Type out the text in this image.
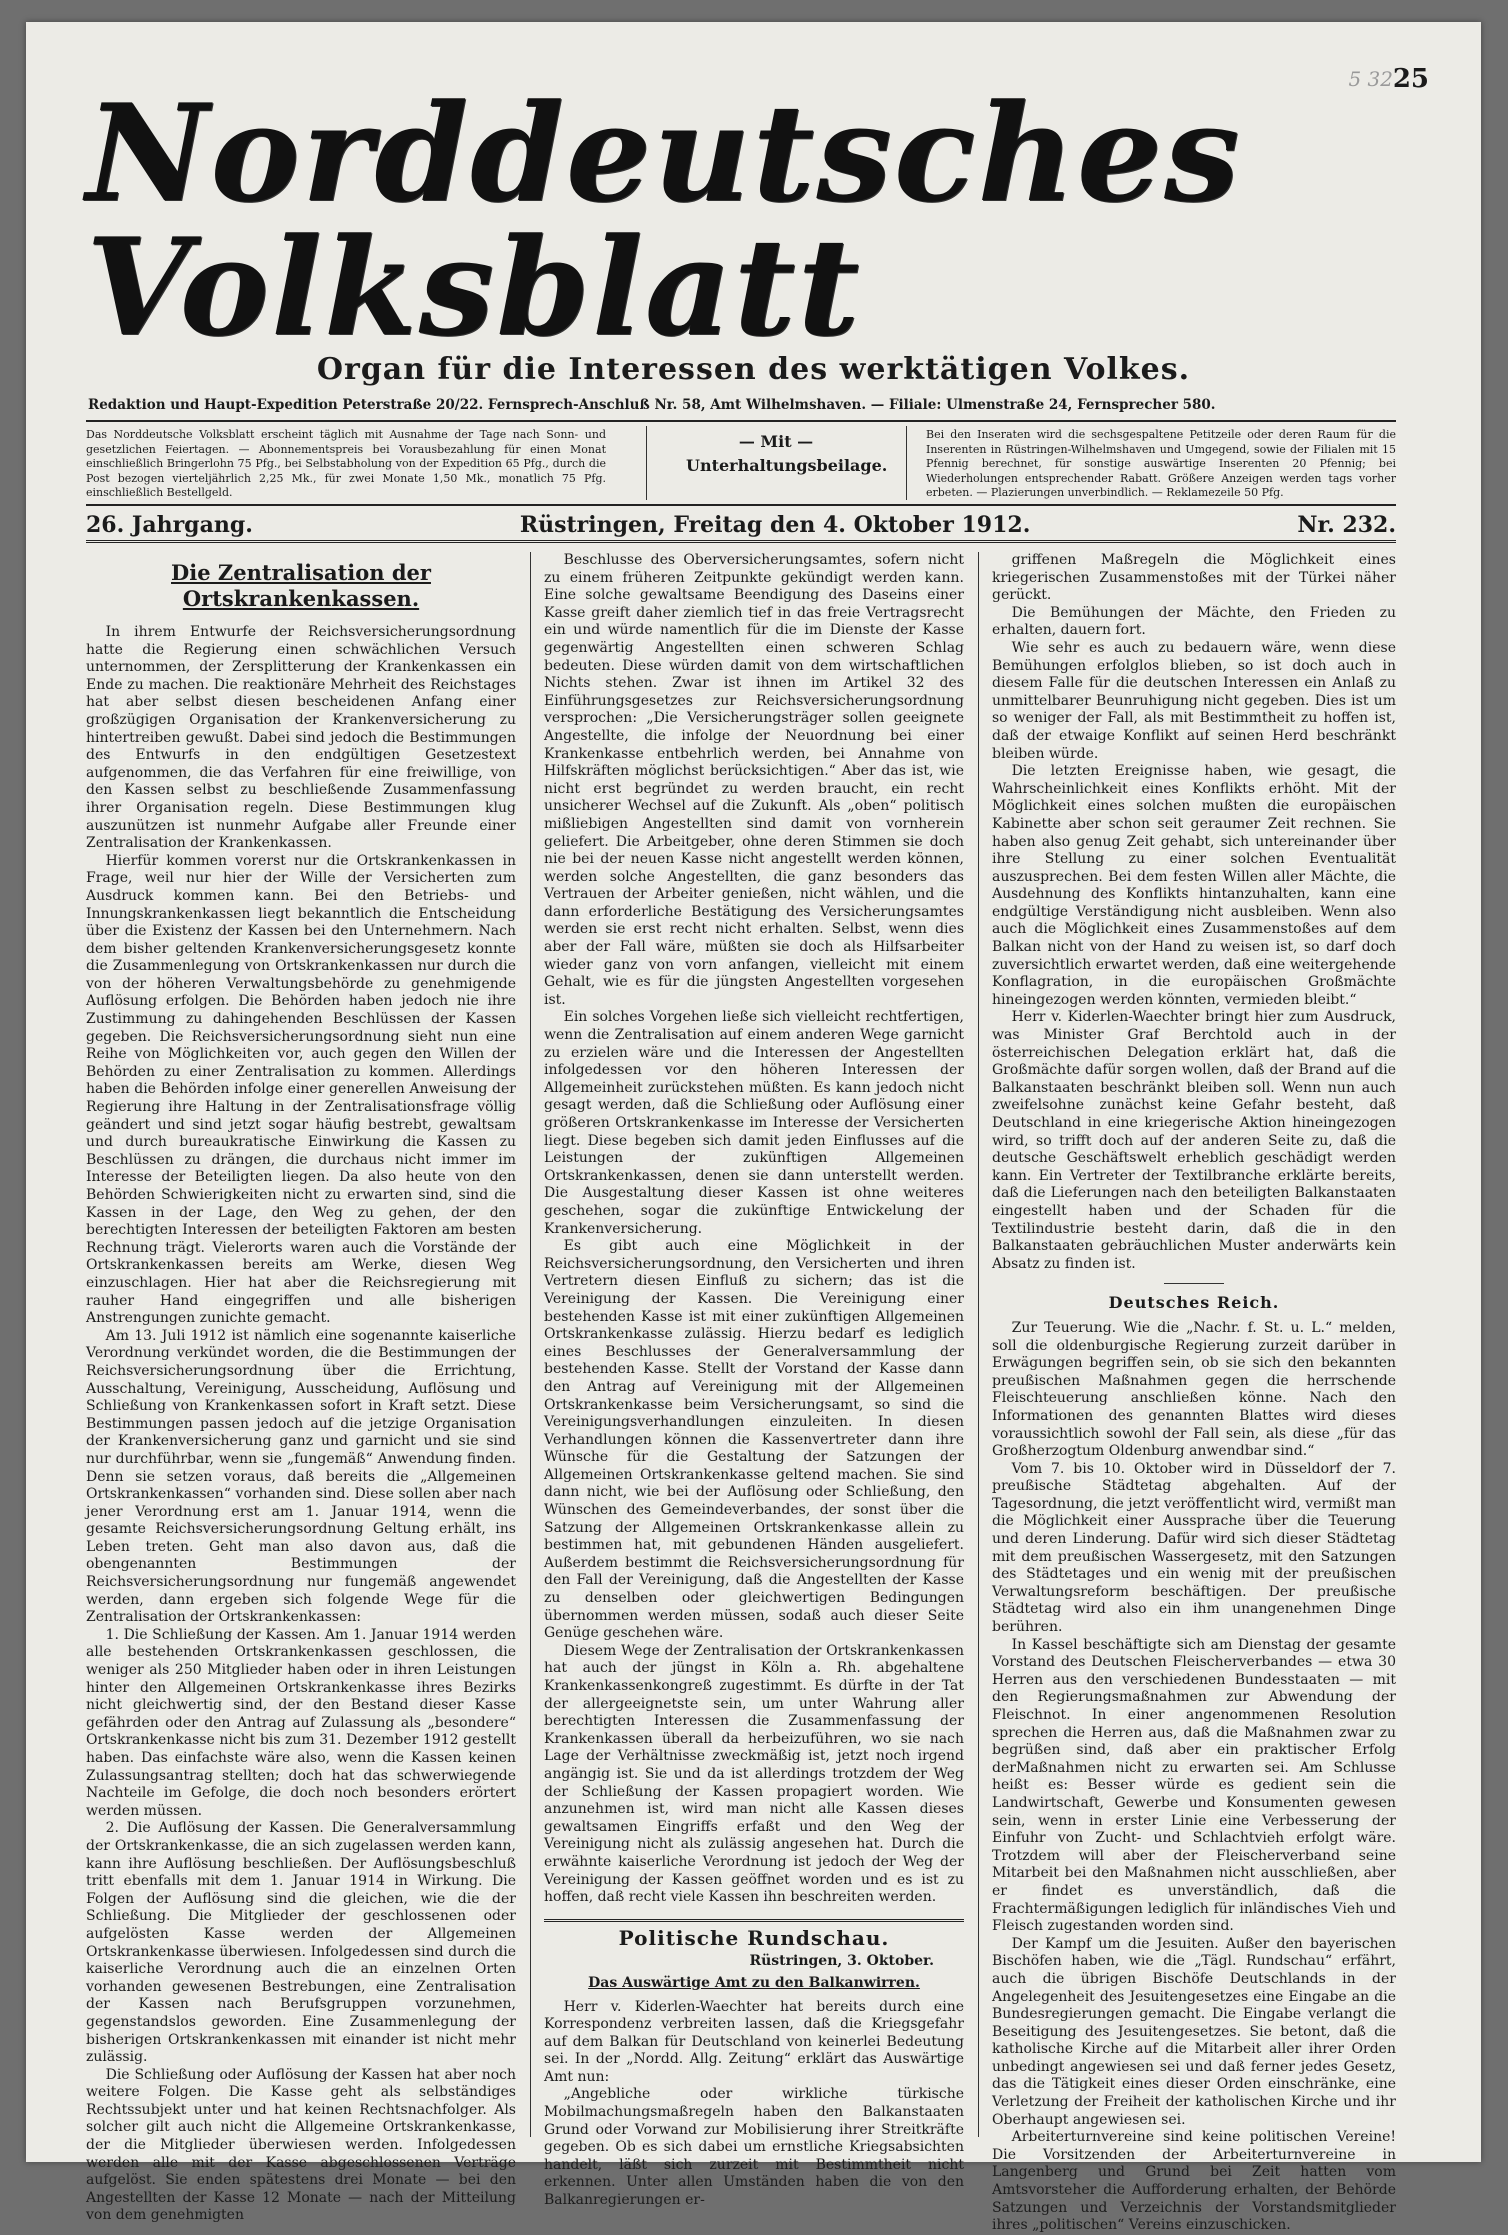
5 32 25
Norddeutsches Volksblatt
Organ für die Interessen des werktätigen Volkes.
Redaktion und Haupt-Expedition Peterstraße 20/22. Fernsprech-Anschluß Nr. 58, Amt Wilhelmshaven. — Filiale: Ulmenstraße 24, Fernsprecher 580.
Das Norddeutsche Volksblatt erscheint täglich mit Ausnahme der Tage nach Sonn- und gesetzlichen Feiertagen. — Abonnementspreis bei Vorausbezahlung für einen Monat einschließlich Bringerlohn 75 Pfg., bei Selbstabholung von der Expedition 65 Pfg., durch die Post bezogen vierteljährlich 2,25 Mk., für zwei Monate 1,50 Mk., monatlich 75 Pfg. einschließlich Bestellgeld.
— Mit —
Unterhaltungsbeilage.
Bei den Inseraten wird die sechsgespaltene Petitzeile oder deren Raum für die Inserenten in Rüstringen-Wilhelmshaven und Umgegend, sowie der Filialen mit 15 Pfennig berechnet, für sonstige auswärtige Inserenten 20 Pfennig; bei Wiederholungen entsprechender Rabatt. Größere Anzeigen werden tags vorher erbeten. — Plazierungen unverbindlich. — Reklamezeile 50 Pfg.
26. Jahrgang.	Rüstringen, Freitag den 4. Oktober 1912.	Nr. 232.
Die Zentralisation der Ortskrankenkassen.

In ihrem Entwurfe der Reichsversicherungsordnung hatte die Regierung einen schwächlichen Versuch unternommen, der Zersplitterung der Krankenkassen ein Ende zu machen. Die reaktionäre Mehrheit des Reichstages hat aber selbst diesen bescheidenen Anfang einer großzügigen Organisation der Krankenversicherung zu hintertreiben gewußt. Dabei sind jedoch die Bestimmungen des Entwurfs in den endgültigen Gesetzestext aufgenommen, die das Verfahren für eine freiwillige, von den Kassen selbst zu beschließende Zusammenfassung ihrer Organisation regeln. Diese Bestimmungen klug auszunützen ist nunmehr Aufgabe aller Freunde einer Zentralisation der Krankenkassen.

Hierfür kommen vorerst nur die Ortskrankenkassen in Frage, weil nur hier der Wille der Versicherten zum Ausdruck kommen kann. Bei den Betriebs- und Innungskrankenkassen liegt bekanntlich die Entscheidung über die Existenz der Kassen bei den Unternehmern. Nach dem bisher geltenden Krankenversicherungsgesetz konnte die Zusammenlegung von Ortskrankenkassen nur durch die von der höheren Verwaltungsbehörde zu genehmigende Auflösung erfolgen. Die Behörden haben jedoch nie ihre Zustimmung zu dahingehenden Beschlüssen der Kassen gegeben. Die Reichsversicherungsordnung sieht nun eine Reihe von Möglichkeiten vor, auch gegen den Willen der Behörden zu einer Zentralisation zu kommen. Allerdings haben die Behörden infolge einer generellen Anweisung der Regierung ihre Haltung in der Zentralisationsfrage völlig geändert und sind jetzt sogar häufig bestrebt, gewaltsam und durch bureaukratische Einwirkung die Kassen zu Beschlüssen zu drängen, die durchaus nicht immer im Interesse der Beteiligten liegen. Da also heute von den Behörden Schwierigkeiten nicht zu erwarten sind, sind die Kassen in der Lage, den Weg zu gehen, der den berechtigten Interessen der beteiligten Faktoren am besten Rechnung trägt. Vielerorts waren auch die Vorstände der Ortskrankenkassen bereits am Werke, diesen Weg einzuschlagen. Hier hat aber die Reichsregierung mit rauher Hand eingegriffen und alle bisherigen Anstrengungen zunichte gemacht.

Am 13. Juli 1912 ist nämlich eine sogenannte kaiserliche Verordnung verkündet worden, die die Bestimmungen der Reichsversicherungsordnung über die Errichtung, Ausschaltung, Vereinigung, Ausscheidung, Auflösung und Schließung von Krankenkassen sofort in Kraft setzt. Diese Bestimmungen passen jedoch auf die jetzige Organisation der Krankenversicherung ganz und garnicht und sie sind nur durchführbar, wenn sie „fungemäß“ Anwendung finden. Denn sie setzen voraus, daß bereits die „Allgemeinen Ortskrankenkassen“ vorhanden sind. Diese sollen aber nach jener Verordnung erst am 1. Januar 1914, wenn die gesamte Reichsversicherungsordnung Geltung erhält, ins Leben treten. Geht man also davon aus, daß die obengenannten Bestimmungen der Reichsversicherungsordnung nur fungemäß angewendet werden, dann ergeben sich folgende Wege für die Zentralisation der Ortskrankenkassen:

1. Die Schließung der Kassen. Am 1. Januar 1914 werden alle bestehenden Ortskrankenkassen geschlossen, die weniger als 250 Mitglieder haben oder in ihren Leistungen hinter den Allgemeinen Ortskrankenkasse ihres Bezirks nicht gleichwertig sind, der den Bestand dieser Kasse gefährden oder den Antrag auf Zulassung als „besondere“ Ortskrankenkasse nicht bis zum 31. Dezember 1912 gestellt haben. Das einfachste wäre also, wenn die Kassen keinen Zulassungsantrag stellten; doch hat das schwerwiegende Nachteile im Gefolge, die doch noch besonders erörtert werden müssen.

2. Die Auflösung der Kassen. Die Generalversammlung der Ortskrankenkasse, die an sich zugelassen werden kann, kann ihre Auflösung beschließen. Der Auflösungsbeschluß tritt ebenfalls mit dem 1. Januar 1914 in Wirkung. Die Folgen der Auflösung sind die gleichen, wie die der Schließung. Die Mitglieder der geschlossenen oder aufgelösten Kasse werden der Allgemeinen Ortskrankenkasse überwiesen. Infolgedessen sind durch die kaiserliche Verordnung auch die an einzelnen Orten vorhanden gewesenen Bestrebungen, eine Zentralisation der Kassen nach Berufsgruppen vorzunehmen, gegenstandslos geworden. Eine Zusammenlegung der bisherigen Ortskrankenkassen mit einander ist nicht mehr zulässig.

Die Schließung oder Auflösung der Kassen hat aber noch weitere Folgen. Die Kasse geht als selbständiges Rechtssubjekt unter und hat keinen Rechtsnachfolger. Als solcher gilt auch nicht die Allgemeine Ortskrankenkasse, der die Mitglieder überwiesen werden. Infolgedessen werden alle mit der Kasse abgeschlossenen Verträge aufgelöst. Sie enden spätestens drei Monate — bei den Angestellten der Kasse 12 Monate — nach der Mitteilung von dem genehmigten

Beschlusse des Oberversicherungsamtes, sofern nicht zu einem früheren Zeitpunkte gekündigt werden kann. Eine solche gewaltsame Beendigung des Daseins einer Kasse greift daher ziemlich tief in das freie Vertragsrecht ein und würde namentlich für die im Dienste der Kasse gegenwärtig Angestellten einen schweren Schlag bedeuten. Diese würden damit von dem wirtschaftlichen Nichts stehen. Zwar ist ihnen im Artikel 32 des Einführungsgesetzes zur Reichsversicherungsordnung versprochen: „Die Versicherungsträger sollen geeignete Angestellte, die infolge der Neuordnung bei einer Krankenkasse entbehrlich werden, bei Annahme von Hilfskräften möglichst berücksichtigen.“ Aber das ist, wie nicht erst begründet zu werden braucht, ein recht unsicherer Wechsel auf die Zukunft. Als „oben“ politisch mißliebigen Angestellten sind damit von vornherein geliefert. Die Arbeitgeber, ohne deren Stimmen sie doch nie bei der neuen Kasse nicht angestellt werden können, werden solche Angestellten, die ganz besonders das Vertrauen der Arbeiter genießen, nicht wählen, und die dann erforderliche Bestätigung des Versicherungsamtes werden sie erst recht nicht erhalten. Selbst, wenn dies aber der Fall wäre, müßten sie doch als Hilfsarbeiter wieder ganz von vorn anfangen, vielleicht mit einem Gehalt, wie es für die jüngsten Angestellten vorgesehen ist.

Ein solches Vorgehen ließe sich vielleicht rechtfertigen, wenn die Zentralisation auf einem anderen Wege garnicht zu erzielen wäre und die Interessen der Angestellten infolgedessen vor den höheren Interessen der Allgemeinheit zurückstehen müßten. Es kann jedoch nicht gesagt werden, daß die Schließung oder Auflösung einer größeren Ortskrankenkasse im Interesse der Versicherten liegt. Diese begeben sich damit jeden Einflusses auf die Leistungen der zukünftigen Allgemeinen Ortskrankenkassen, denen sie dann unterstellt werden. Die Ausgestaltung dieser Kassen ist ohne weiteres geschehen, sogar die zukünftige Entwickelung der Krankenversicherung.

Es gibt auch eine Möglichkeit in der Reichsversicherungsordnung, den Versicherten und ihren Vertretern diesen Einfluß zu sichern; das ist die Vereinigung der Kassen. Die Vereinigung einer bestehenden Kasse ist mit einer zukünftigen Allgemeinen Ortskrankenkasse zulässig. Hierzu bedarf es lediglich eines Beschlusses der Generalversammlung der bestehenden Kasse. Stellt der Vorstand der Kasse dann den Antrag auf Vereinigung mit der Allgemeinen Ortskrankenkasse beim Versicherungsamt, so sind die Vereinigungsverhandlungen einzuleiten. In diesen Verhandlungen können die Kassenvertreter dann ihre Wünsche für die Gestaltung der Satzungen der Allgemeinen Ortskrankenkasse geltend machen. Sie sind dann nicht, wie bei der Auflösung oder Schließung, den Wünschen des Gemeindeverbandes, der sonst über die Satzung der Allgemeinen Ortskrankenkasse allein zu bestimmen hat, mit gebundenen Händen ausgeliefert. Außerdem bestimmt die Reichsversicherungsordnung für den Fall der Vereinigung, daß die Angestellten der Kasse zu denselben oder gleichwertigen Bedingungen übernommen werden müssen, sodaß auch dieser Seite Genüge geschehen wäre.

Diesem Wege der Zentralisation der Ortskrankenkassen hat auch der jüngst in Köln a. Rh. abgehaltene Krankenkassenkongreß zugestimmt. Es dürfte in der Tat der allergeeignetste sein, um unter Wahrung aller berechtigten Interessen die Zusammenfassung der Krankenkassen überall da herbeizuführen, wo sie nach Lage der Verhältnisse zweckmäßig ist, jetzt noch irgend angängig ist. Sie und da ist allerdings trotzdem der Weg der Schließung der Kassen propagiert worden. Wie anzunehmen ist, wird man nicht alle Kassen dieses gewaltsamen Eingriffs erfaßt und den Weg der Vereinigung nicht als zulässig angesehen hat. Durch die erwähnte kaiserliche Verordnung ist jedoch der Weg der Vereinigung der Kassen geöffnet worden und es ist zu hoffen, daß recht viele Kassen ihn beschreiten werden.

Politische Rundschau.
Rüstringen, 3. Oktober.
Das Auswärtige Amt zu den Balkanwirren.

Herr v. Kiderlen-Waechter hat bereits durch eine Korrespondenz verbreiten lassen, daß die Kriegsgefahr auf dem Balkan für Deutschland von keinerlei Bedeutung sei. In der „Nordd. Allg. Zeitung“ erklärt das Auswärtige Amt nun:

„Angebliche oder wirkliche türkische Mobilmachungsmaßregeln haben den Balkanstaaten Grund oder Vorwand zur Mobilisierung ihrer Streitkräfte gegeben. Ob es sich dabei um ernstliche Kriegsabsichten handelt, läßt sich zurzeit mit Bestimmtheit nicht erkennen. Unter allen Umständen haben die von den Balkanregierungen er-

griffenen Maßregeln die Möglichkeit eines kriegerischen Zusammenstoßes mit der Türkei näher gerückt.

Die Bemühungen der Mächte, den Frieden zu erhalten, dauern fort.

Wie sehr es auch zu bedauern wäre, wenn diese Bemühungen erfolglos blieben, so ist doch auch in diesem Falle für die deutschen Interessen ein Anlaß zu unmittelbarer Beunruhigung nicht gegeben. Dies ist um so weniger der Fall, als mit Bestimmtheit zu hoffen ist, daß der etwaige Konflikt auf seinen Herd beschränkt bleiben würde.

Die letzten Ereignisse haben, wie gesagt, die Wahrscheinlichkeit eines Konflikts erhöht. Mit der Möglichkeit eines solchen mußten die europäischen Kabinette aber schon seit geraumer Zeit rechnen. Sie haben also genug Zeit gehabt, sich untereinander über ihre Stellung zu einer solchen Eventualität auszusprechen. Bei dem festen Willen aller Mächte, die Ausdehnung des Konflikts hintanzuhalten, kann eine endgültige Verständigung nicht ausbleiben. Wenn also auch die Möglichkeit eines Zusammenstoßes auf dem Balkan nicht von der Hand zu weisen ist, so darf doch zuversichtlich erwartet werden, daß eine weitergehende Konflagration, in die europäischen Großmächte hineingezogen werden könnten, vermieden bleibt.“

Herr v. Kiderlen-Waechter bringt hier zum Ausdruck, was Minister Graf Berchtold auch in der österreichischen Delegation erklärt hat, daß die Großmächte dafür sorgen wollen, daß der Brand auf die Balkanstaaten beschränkt bleiben soll. Wenn nun auch zweifelsohne zunächst keine Gefahr besteht, daß Deutschland in eine kriegerische Aktion hineingezogen wird, so trifft doch auf der anderen Seite zu, daß die deutsche Geschäftswelt erheblich geschädigt werden kann. Ein Vertreter der Textilbranche erklärte bereits, daß die Lieferungen nach den beteiligten Balkanstaaten eingestellt haben und der Schaden für die Textilindustrie besteht darin, daß die in den Balkanstaaten gebräuchlichen Muster anderwärts kein Absatz zu finden ist.

Deutsches Reich.

Zur Teuerung. Wie die „Nachr. f. St. u. L.“ melden, soll die oldenburgische Regierung zurzeit darüber in Erwägungen begriffen sein, ob sie sich den bekannten preußischen Maßnahmen gegen die herrschende Fleischteuerung anschließen könne. Nach den Informationen des genannten Blattes wird dieses voraussichtlich sowohl der Fall sein, als diese „für das Großherzogtum Oldenburg anwendbar sind.“

Vom 7. bis 10. Oktober wird in Düsseldorf der 7. preußische Städtetag abgehalten. Auf der Tagesordnung, die jetzt veröffentlicht wird, vermißt man die Möglichkeit einer Aussprache über die Teuerung und deren Linderung. Dafür wird sich dieser Städtetag mit dem preußischen Wassergesetz, mit den Satzungen des Städtetages und ein wenig mit der preußischen Verwaltungsreform beschäftigen. Der preußische Städtetag wird also ein ihm unangenehmen Dinge berühren.

In Kassel beschäftigte sich am Dienstag der gesamte Vorstand des Deutschen Fleischerverbandes — etwa 30 Herren aus den verschiedenen Bundesstaaten — mit den Regierungsmaßnahmen zur Abwendung der Fleischnot. In einer angenommenen Resolution sprechen die Herren aus, daß die Maßnahmen zwar zu begrüßen sind, daß aber ein praktischer Erfolg derMaßnahmen nicht zu erwarten sei. Am Schlusse heißt es: Besser würde es gedient sein die Landwirtschaft, Gewerbe und Konsumenten gewesen sein, wenn in erster Linie eine Verbesserung der Einfuhr von Zucht- und Schlachtvieh erfolgt wäre. Trotzdem will aber der Fleischerverband seine Mitarbeit bei den Maßnahmen nicht ausschließen, aber er findet es unverständlich, daß die Frachtermäßigungen lediglich für inländisches Vieh und Fleisch zugestanden worden sind.

Der Kampf um die Jesuiten. Außer den bayerischen Bischöfen haben, wie die „Tägl. Rundschau“ erfährt, auch die übrigen Bischöfe Deutschlands in der Angelegenheit des Jesuitengesetzes eine Eingabe an die Bundesregierungen gemacht. Die Eingabe verlangt die Beseitigung des Jesuitengesetzes. Sie betont, daß die katholische Kirche auf die Mitarbeit aller ihrer Orden unbedingt angewiesen sei und daß ferner jedes Gesetz, das die Tätigkeit eines dieser Orden einschränke, eine Verletzung der Freiheit der katholischen Kirche und ihr Oberhaupt angewiesen sei.

Arbeiterturnvereine sind keine politischen Vereine! Die Vorsitzenden der Arbeiterturnvereine in Langenberg und Grund bei Zeit hatten vom Amtsvorsteher die Aufforderung erhalten, der Behörde Satzungen und Verzeichnis der Vorstandsmitglieder ihres „politischen“ Vereins einzuschicken.
